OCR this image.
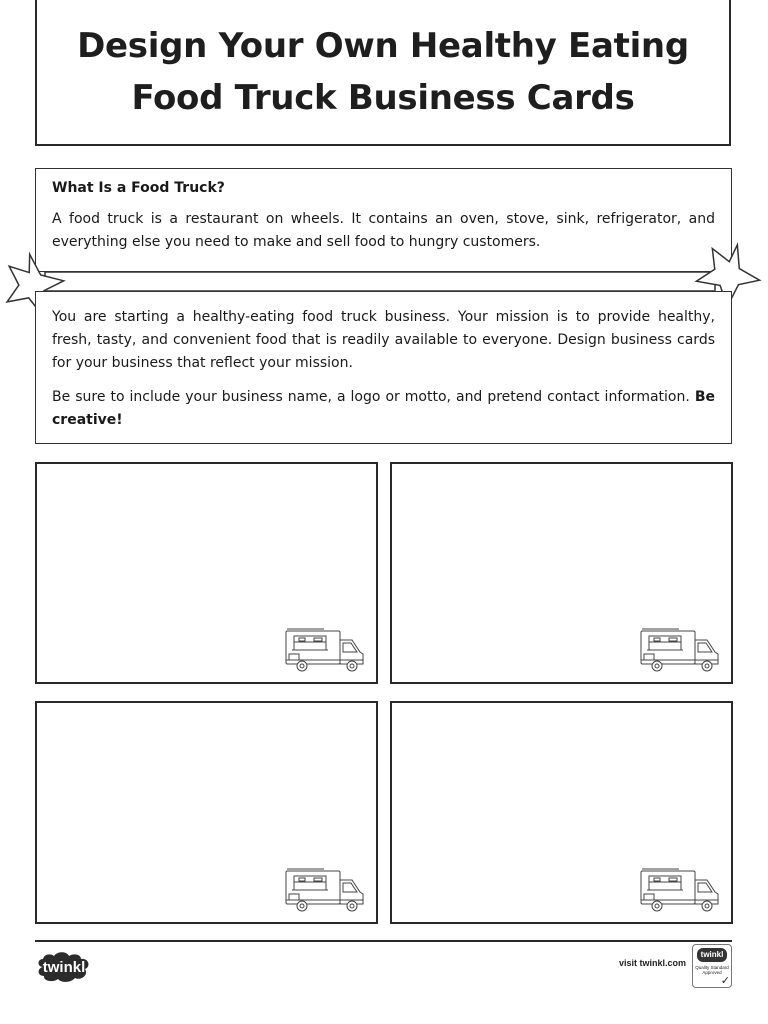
Design Your Own Healthy Eating
Food Truck Business Cards

What Is a Food Truck?

A food truck is a restaurant on wheels. It contains an oven, stove, sink, refrigerator, and everything else you need to make and sell food to hungry customers.

You are starting a healthy-eating food truck business. Your mission is to provide healthy, fresh, tasty, and convenient food that is readily available to everyone. Design business cards for your business that reflect your mission.

Be sure to include your business name, a logo or motto, and pretend contact information. Be creative!

twinkl	visit twinkl.com
twinkl
Quality Standard Approved
✓
